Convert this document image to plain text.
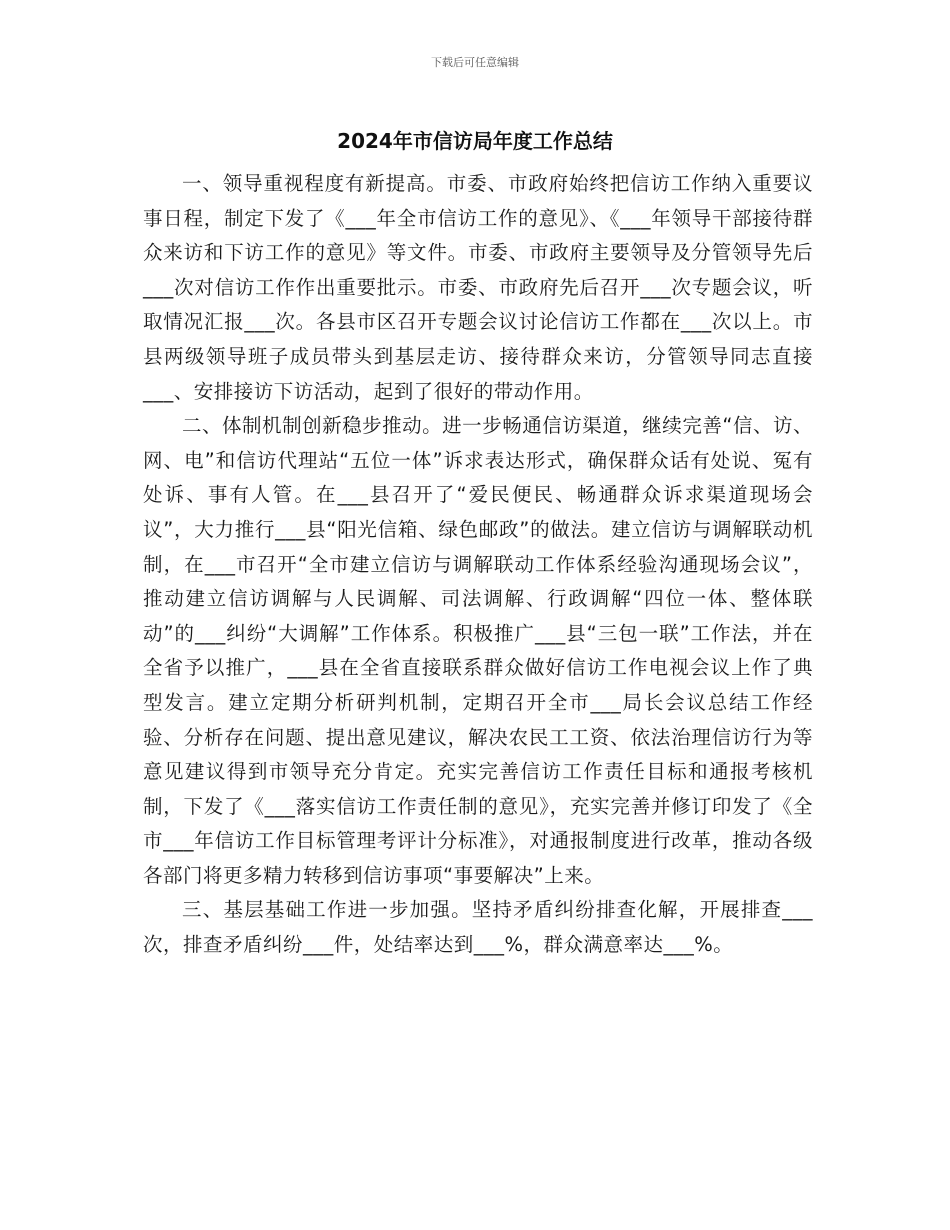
下载后可任意编辑
2024年市信访局年度工作总结

一、领导重视程度有新提高。市委、市政府始终把信访工作纳入重要议事日程，制定下发了《___年全市信访工作的意见》、《___年领导干部接待群众来访和下访工作的意见》等文件。市委、市政府主要领导及分管领导先后___次对信访工作作出重要批示。市委、市政府先后召开___次专题会议，听取情况汇报___次。各县市区召开专题会议讨论信访工作都在___次以上。市县两级领导班子成员带头到基层走访、接待群众来访，分管领导同志直接___、安排接访下访活动，起到了很好的带动作用。

二、体制机制创新稳步推动。进一步畅通信访渠道，继续完善“信、访、网、电”和信访代理站“五位一体”诉求表达形式，确保群众话有处说、冤有处诉、事有人管。在___县召开了“爱民便民、畅通群众诉求渠道现场会议”，大力推行___县“阳光信箱、绿色邮政”的做法。建立信访与调解联动机制，在___市召开“全市建立信访与调解联动工作体系经验沟通现场会议”，推动建立信访调解与人民调解、司法调解、行政调解“四位一体、整体联动”的___纠纷“大调解”工作体系。积极推广___县“三包一联”工作法，并在全省予以推广，___县在全省直接联系群众做好信访工作电视会议上作了典型发言。建立定期分析研判机制，定期召开全市___局长会议总结工作经验、分析存在问题、提出意见建议，解决农民工工资、依法治理信访行为等意见建议得到市领导充分肯定。充实完善信访工作责任目标和通报考核机制，下发了《___落实信访工作责任制的意见》，充实完善并修订印发了《全市___年信访工作目标管理考评计分标准》，对通报制度进行改革，推动各级各部门将更多精力转移到信访事项“事要解决”上来。

三、基层基础工作进一步加强。坚持矛盾纠纷排查化解，开展排查___次，排查矛盾纠纷___件，处结率达到___%，群众满意率达___%。
